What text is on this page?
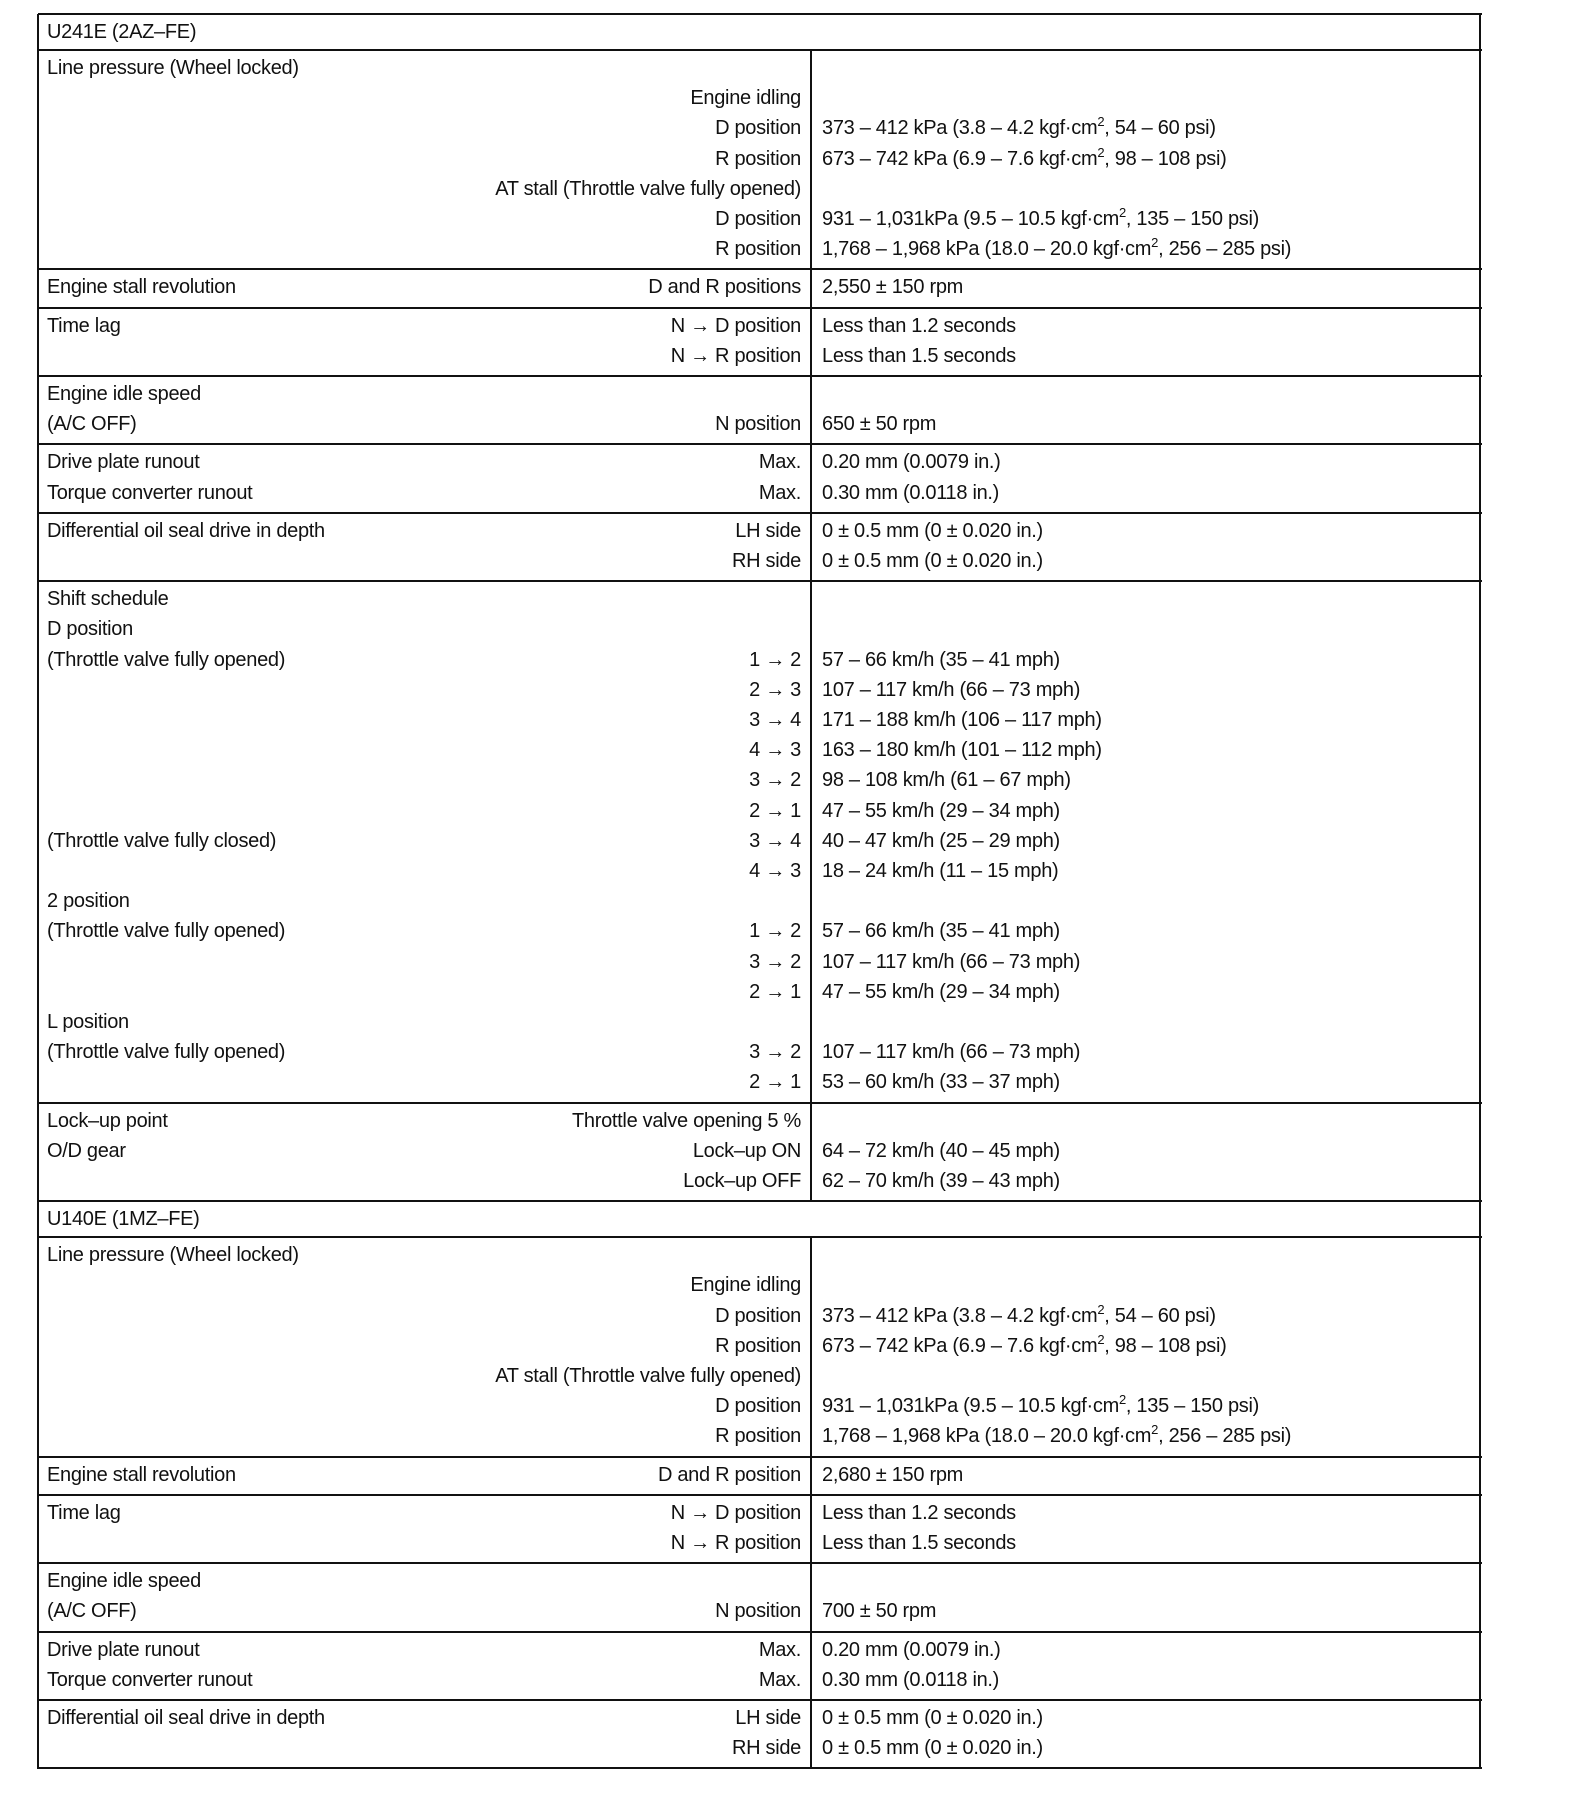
U241E (2AZ–FE)
Line pressure (Wheel locked)
Engine idling
D position 373 – 412 kPa (3.8 – 4.2 $kgf\cdot cm^2$, 54 – 60 psi)
R position 673 – 742 kPa (6.9 – 7.6 $kgf\cdot cm^2$, 98 – 108 psi)
AT stall (Throttle valve fully opened)
D position 931 – 1,031kPa (9.5 – 10.5 $kgf\cdot cm^2$, 135 – 150 psi)
R position 1,768 – 1,968 kPa (18.0 – 20.0 $kgf\cdot cm^2$, 256 – 285 psi)
Engine stall revolution	D and R positions 2,550 ± 150 rpm
Time lag	N → D position Less than 1.2 seconds
N → R position Less than 1.5 seconds
Engine idle speed
(A/C OFF)	N position 650 ± 50 rpm
Drive plate runout	Max. 0.20 mm (0.0079 in.)
Torque converter runout	Max. 0.30 mm (0.0118 in.)
Differential oil seal drive in depth	LH side 0 ± 0.5 mm (0 ± 0.020 in.)
RH side 0 ± 0.5 mm (0 ± 0.020 in.)
Shift schedule
D position
(Throttle valve fully opened)	1 → 2 57 – 66 km/h (35 – 41 mph)
2 → 3 107 – 117 km/h (66 – 73 mph)
3 → 4 171 – 188 km/h (106 – 117 mph)
4 → 3 163 – 180 km/h (101 – 112 mph)
3 → 2 98 – 108 km/h (61 – 67 mph)
2 → 1 47 – 55 km/h (29 – 34 mph)
(Throttle valve fully closed)	3 → 4 40 – 47 km/h (25 – 29 mph)
4 → 3 18 – 24 km/h (11 – 15 mph)
2 position
(Throttle valve fully opened)	1 → 2 57 – 66 km/h (35 – 41 mph)
3 → 2 107 – 117 km/h (66 – 73 mph)
2 → 1 47 – 55 km/h (29 – 34 mph)
L position
(Throttle valve fully opened)	3 → 2 107 – 117 km/h (66 – 73 mph)
2 → 1 53 – 60 km/h (33 – 37 mph)
Lock–up point	Throttle valve opening 5 %
O/D gear	Lock–up ON 64 – 72 km/h (40 – 45 mph)
Lock–up OFF 62 – 70 km/h (39 – 43 mph)
U140E (1MZ–FE)
Line pressure (Wheel locked)
Engine idling
D position 373 – 412 kPa (3.8 – 4.2 $kgf\cdot cm^2$, 54 – 60 psi)
R position 673 – 742 kPa (6.9 – 7.6 $kgf\cdot cm^2$, 98 – 108 psi)
AT stall (Throttle valve fully opened)
D position 931 – 1,031kPa (9.5 – 10.5 $kgf\cdot cm^2$, 135 – 150 psi)
R position 1,768 – 1,968 kPa (18.0 – 20.0 $kgf\cdot cm^2$, 256 – 285 psi)
Engine stall revolution	D and R position 2,680 ± 150 rpm
Time lag	N → D position Less than 1.2 seconds
N → R position Less than 1.5 seconds
Engine idle speed
(A/C OFF)	N position 700 ± 50 rpm
Drive plate runout	Max. 0.20 mm (0.0079 in.)
Torque converter runout	Max. 0.30 mm (0.0118 in.)
Differential oil seal drive in depth	LH side 0 ± 0.5 mm (0 ± 0.020 in.)
RH side 0 ± 0.5 mm (0 ± 0.020 in.)
